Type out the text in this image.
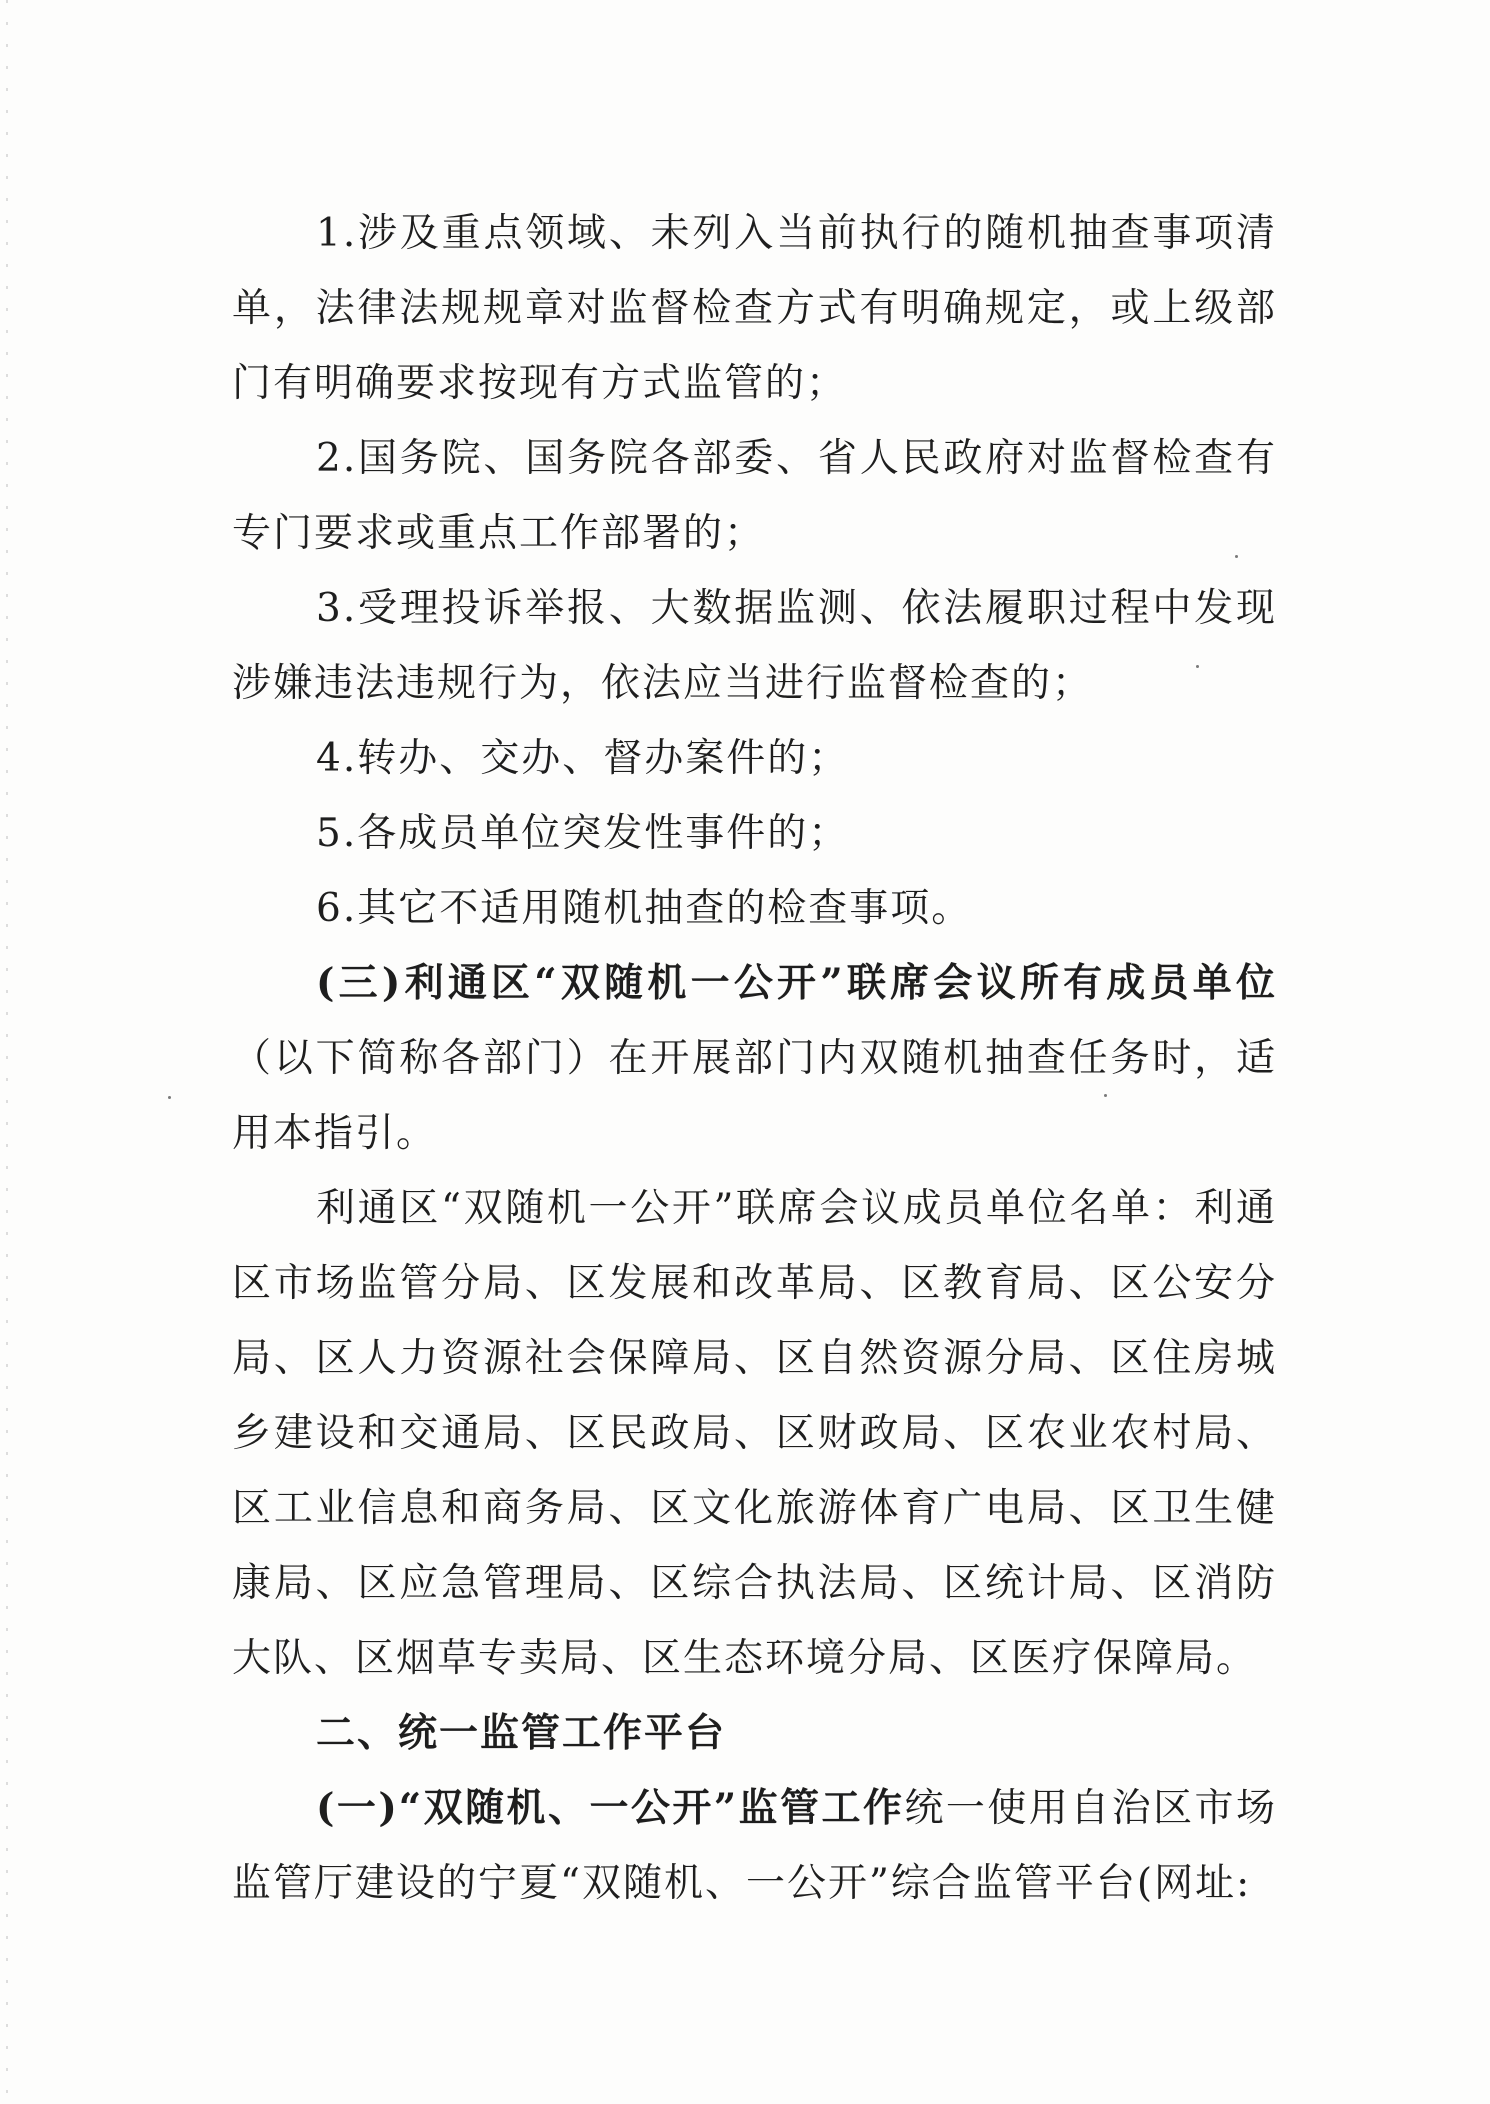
1.涉及重点领域、未列入当前执行的随机抽查事项清单，法律法规规章对监督检查方式有明确规定，或上级部门有明确要求按现有方式监管的；

2.国务院、国务院各部委、省人民政府对监督检查有专门要求或重点工作部署的；

3.受理投诉举报、大数据监测、依法履职过程中发现涉嫌违法违规行为，依法应当进行监督检查的；

4.转办、交办、督办案件的；

5.各成员单位突发性事件的；

6.其它不适用随机抽查的检查事项。

(三)利通区“双随机一公开”联席会议所有成员单位（以下简称各部门）在开展部门内双随机抽查任务时，适用本指引。

利通区“双随机一公开”联席会议成员单位名单：利通区市场监管分局、区发展和改革局、区教育局、区公安分局、区人力资源社会保障局、区自然资源分局、区住房城乡建设和交通局、区民政局、区财政局、区农业农村局、区工业信息和商务局、区文化旅游体育广电局、区卫生健康局、区应急管理局、区综合执法局、区统计局、区消防大队、区烟草专卖局、区生态环境分局、区医疗保障局。

二、统一监管工作平台

(一)“双随机、一公开”监管工作统一使用自治区市场监管厅建设的宁夏“双随机、一公开”综合监管平台(网址:
